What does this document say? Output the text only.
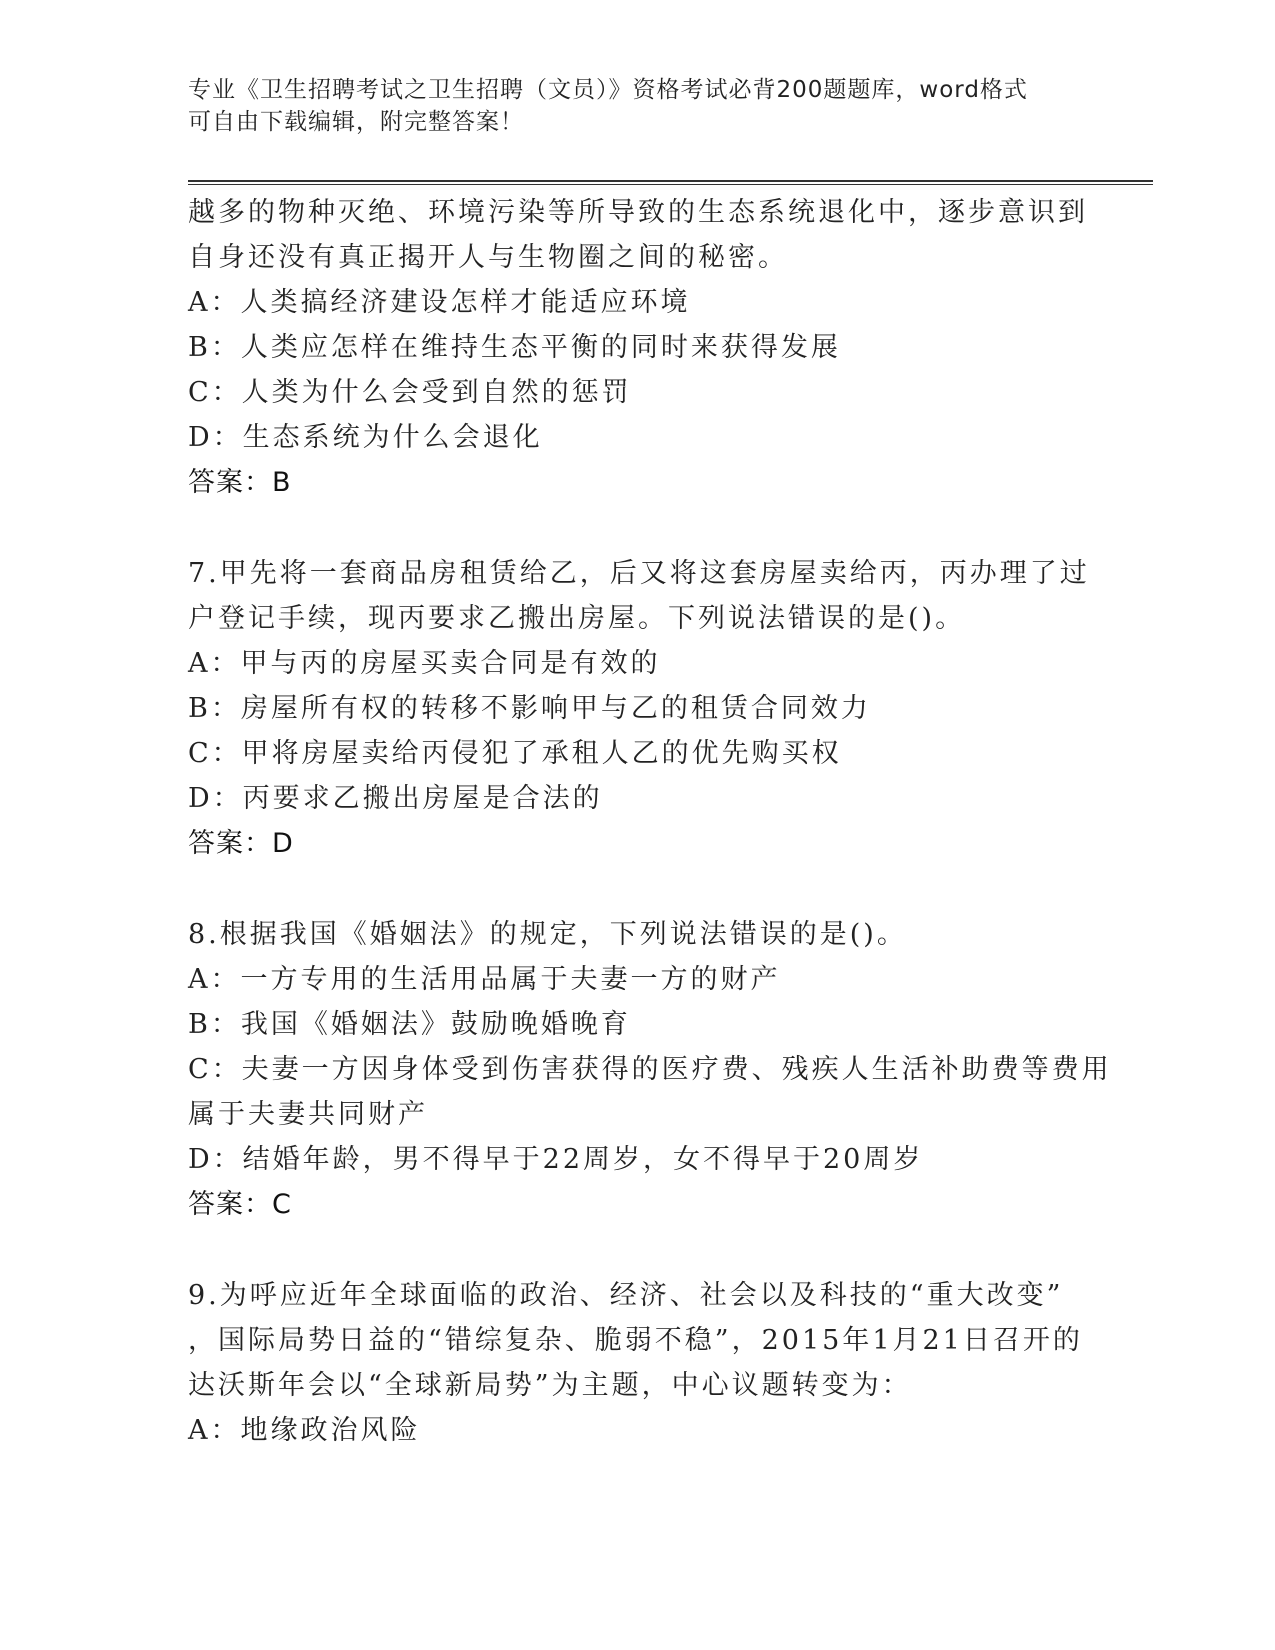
专业《卫生招聘考试之卫生招聘（文员）》资格考试必背200题题库，word格式
可自由下载编辑，附完整答案！
越多的物种灭绝、环境污染等所导致的生态系统退化中，逐步意识到
自身还没有真正揭开人与生物圈之间的秘密。
A：人类搞经济建设怎样才能适应环境
B：人类应怎样在维持生态平衡的同时来获得发展
C：人类为什么会受到自然的惩罚
D：生态系统为什么会退化
答案：B
7.甲先将一套商品房租赁给乙，后又将这套房屋卖给丙，丙办理了过
户登记手续，现丙要求乙搬出房屋。下列说法错误的是()。
A：甲与丙的房屋买卖合同是有效的
B：房屋所有权的转移不影响甲与乙的租赁合同效力
C：甲将房屋卖给丙侵犯了承租人乙的优先购买权
D：丙要求乙搬出房屋是合法的
答案：D
8.根据我国《婚姻法》的规定，下列说法错误的是()。
A：一方专用的生活用品属于夫妻一方的财产
B：我国《婚姻法》鼓励晚婚晚育
C：夫妻一方因身体受到伤害获得的医疗费、残疾人生活补助费等费用
属于夫妻共同财产
D：结婚年龄，男不得早于22周岁，女不得早于20周岁
答案：C
9.为呼应近年全球面临的政治、经济、社会以及科技的“重大改变”
，国际局势日益的“错综复杂、脆弱不稳”，2015年1月21日召开的
达沃斯年会以“全球新局势”为主题，中心议题转变为：
A：地缘政治风险
